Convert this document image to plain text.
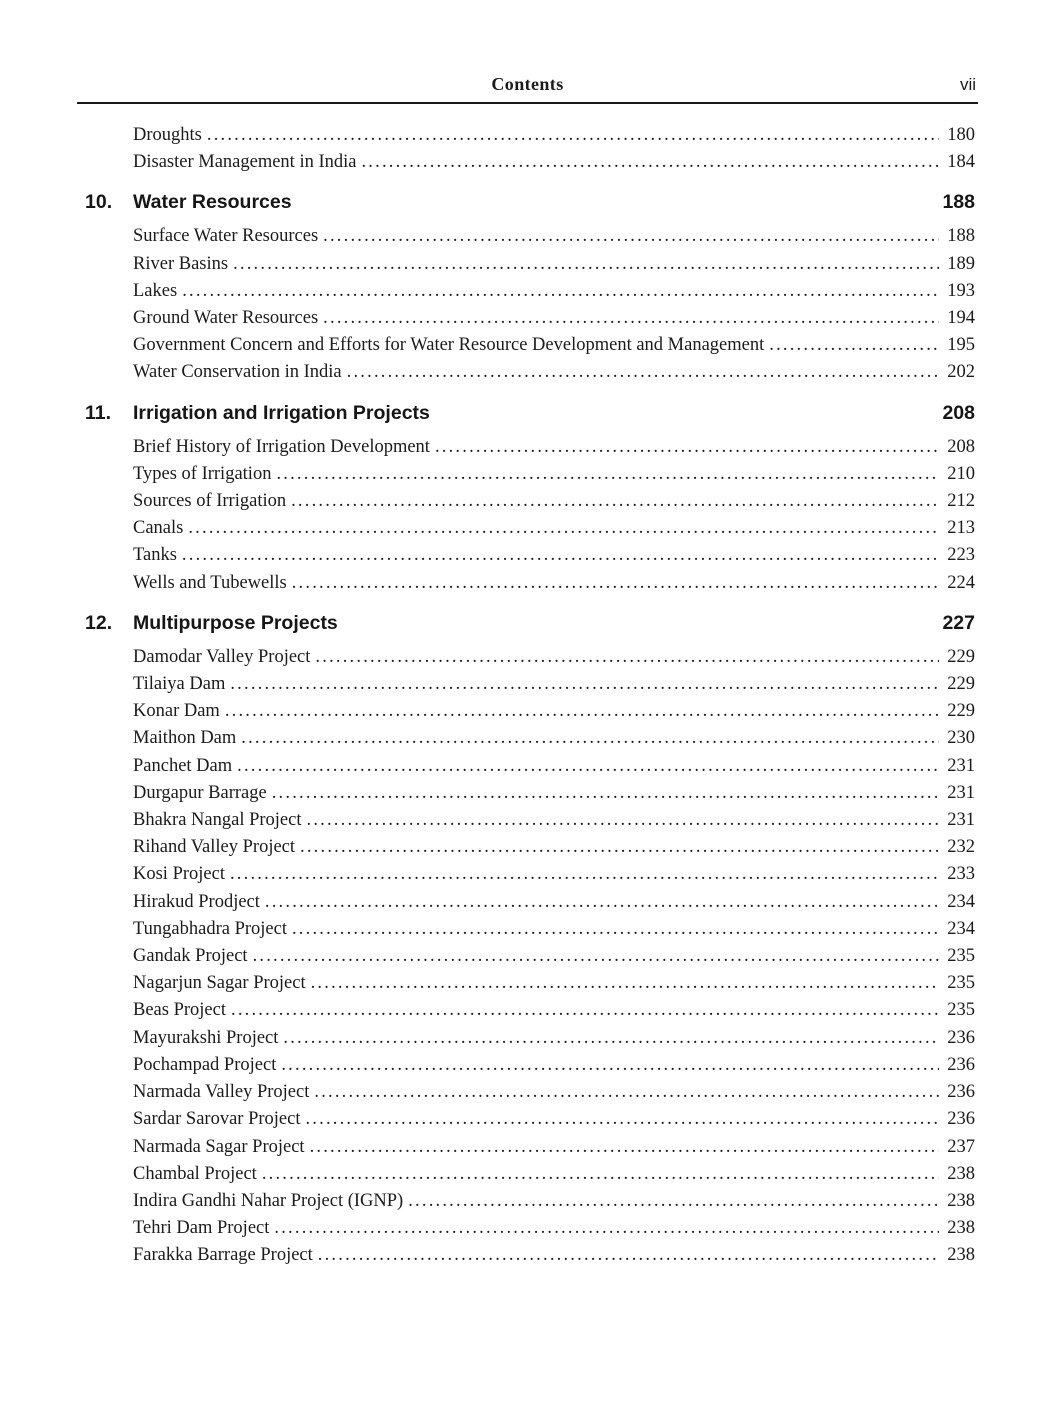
Contents	vii
Droughts .....	180
Disaster Management in India .....	184
10.	Water Resources	188
Surface Water Resources .....	188
River Basins .....	189
Lakes .....	193
Ground Water Resources .....	194
Government Concern and Efforts for Water Resource Development and Management .....	195
Water Conservation in India .....	202
11.	Irrigation and Irrigation Projects	208
Brief History of Irrigation Development .....	208
Types of Irrigation .....	210
Sources of Irrigation .....	212
Canals .....	213
Tanks .....	223
Wells and Tubewells .....	224
12.	Multipurpose Projects	227
Damodar Valley Project .....	229
Tilaiya Dam .....	229
Konar Dam .....	229
Maithon Dam .....	230
Panchet Dam .....	231
Durgapur Barrage .....	231
Bhakra Nangal Project .....	231
Rihand Valley Project .....	232
Kosi Project .....	233
Hirakud Prodject .....	234
Tungabhadra Project .....	234
Gandak Project .....	235
Nagarjun Sagar Project .....	235
Beas Project .....	235
Mayurakshi Project .....	236
Pochampad Project .....	236
Narmada Valley Project .....	236
Sardar Sarovar Project .....	236
Narmada Sagar Project .....	237
Chambal Project .....	238
Indira Gandhi Nahar Project (IGNP) .....	238
Tehri Dam Project .....	238
Farakka Barrage Project .....	238
